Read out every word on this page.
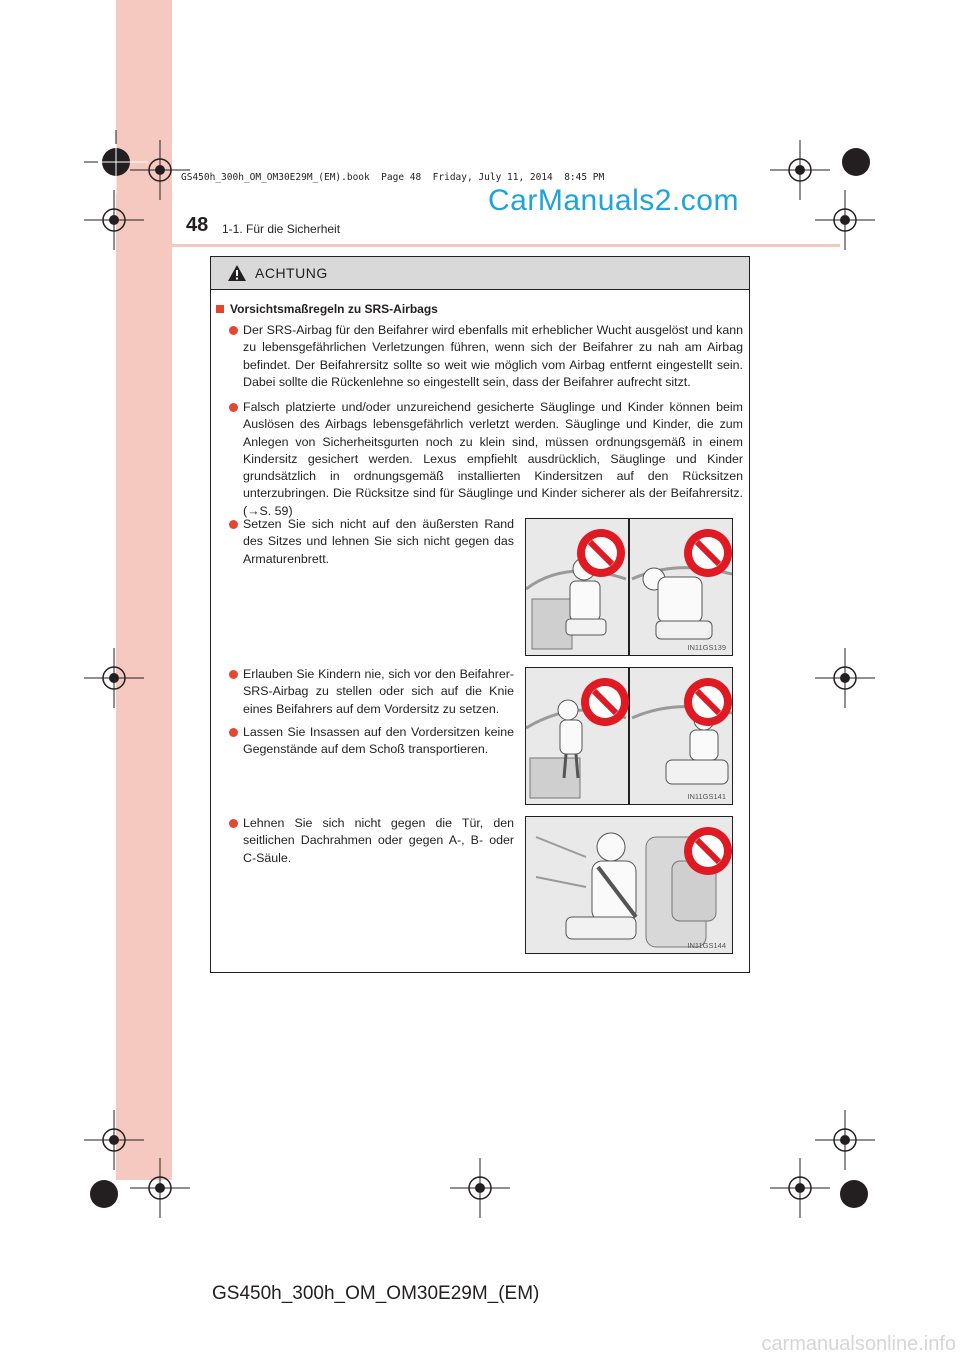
GS450h_300h_OM_OM30E29M_(EM).book  Page 48  Friday, July 11, 2014  8:45 PM
CarManuals2.com
48 1-1. Für die Sicherheit
ACHTUNG
Vorsichtsmaßregeln zu SRS-Airbags

Der SRS-Airbag für den Beifahrer wird ebenfalls mit erheblicher Wucht ausgelöst und kann zu lebensgefährlichen Verletzungen führen, wenn sich der Beifahrer zu nah am Airbag befindet. Der Beifahrersitz sollte so weit wie möglich vom Airbag entfernt eingestellt sein. Dabei sollte die Rückenlehne so eingestellt sein, dass der Beifahrer aufrecht sitzt.

Falsch platzierte und/oder unzureichend gesicherte Säuglinge und Kinder können beim Auslösen des Airbags lebensgefährlich verletzt werden. Säuglinge und Kinder, die zum Anlegen von Sicherheitsgurten noch zu klein sind, müssen ordnungsgemäß in einem Kindersitz gesichert werden. Lexus empfiehlt ausdrücklich, Säuglinge und Kinder grundsätzlich in ordnungsgemäß installierten Kindersitzen auf den Rücksitzen unterzubringen. Die Rücksitze sind für Säuglinge und Kinder sicherer als der Beifahrersitz. (→S. 59)

Setzen Sie sich nicht auf den äußersten Rand des Sitzes und lehnen Sie sich nicht gegen das Armaturenbrett.

Erlauben Sie Kindern nie, sich vor den Beifahrer-SRS-Airbag zu stellen oder sich auf die Knie eines Beifahrers auf dem Vordersitz zu setzen.

Lassen Sie Insassen auf den Vordersitzen keine Gegenstände auf dem Schoß transportieren.

Lehnen Sie sich nicht gegen die Tür, den seitlichen Dachrahmen oder gegen A-, B- oder C-Säule.

IN11GS139
IN11GS141
IN11GS144
GS450h_300h_OM_OM30E29M_(EM)
carmanualsonline.info
